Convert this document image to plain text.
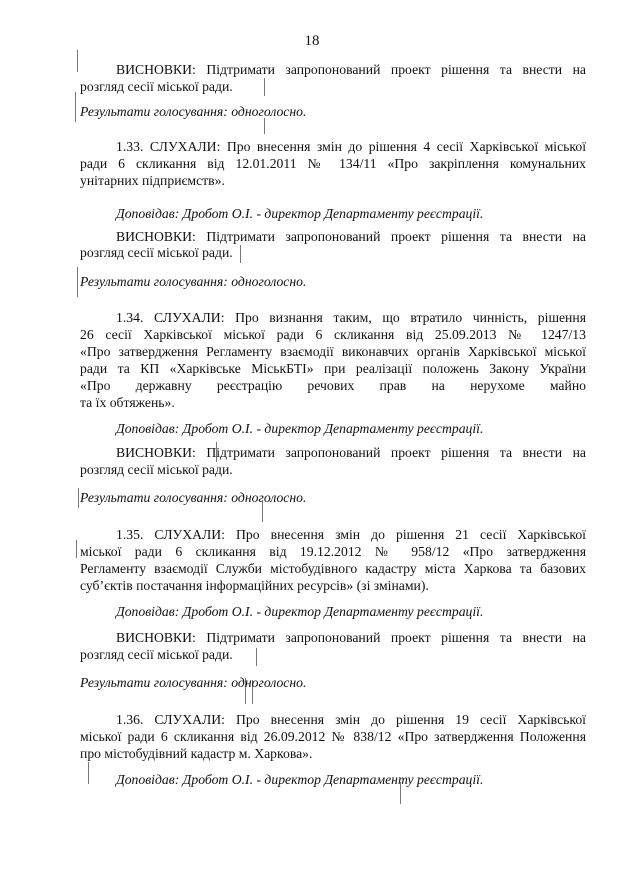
18
ВИСНОВКИ: Підтримати запропонований проект рішення та внести на
розгляд сесії міської ради.
Результати голосування: одноголосно.
1.33. СЛУХАЛИ: Про внесення змін до рішення 4 сесії Харківської міської
ради 6 скликання від 12.01.2011 № 134/11 «Про закріплення комунальних
унітарних підприємств».
Доповідав: Дробот О.І. - директор Департаменту реєстрації.
ВИСНОВКИ: Підтримати запропонований проект рішення та внести на
розгляд сесії міської ради.
Результати голосування: одноголосно.
1.34. СЛУХАЛИ: Про визнання таким, що втратило чинність, рішення
26 сесії Харківської міської ради 6 скликання від 25.09.2013 № 1247/13
«Про затвердження Регламенту взаємодії виконавчих органів Харківської міської
ради та КП «Харківське МіськБТІ» при реалізації положень Закону України
«Про державну реєстрацію речових прав на нерухоме майно
та їх обтяжень».
Доповідав: Дробот О.І. - директор Департаменту реєстрації.
ВИСНОВКИ: Підтримати запропонований проект рішення та внести на
розгляд сесії міської ради.
Результати голосування: одноголосно.
1.35. СЛУХАЛИ: Про внесення змін до рішення 21 сесії Харківської
міської ради 6 скликання від 19.12.2012 № 958/12 «Про затвердження
Регламенту взаємодії Служби містобудівного кадастру міста Харкова та базових
суб’єктів постачання інформаційних ресурсів» (зі змінами).
Доповідав: Дробот О.І. - директор Департаменту реєстрації.
ВИСНОВКИ: Підтримати запропонований проект рішення та внести на
розгляд сесії міської ради.
Результати голосування: одноголосно.
1.36. СЛУХАЛИ: Про внесення змін до рішення 19 сесії Харківської
міської ради 6 скликання від 26.09.2012 № 838/12 «Про затвердження Положення
про містобудівний кадастр м. Харкова».
Доповідав: Дробот О.І. - директор Департаменту реєстрації.
